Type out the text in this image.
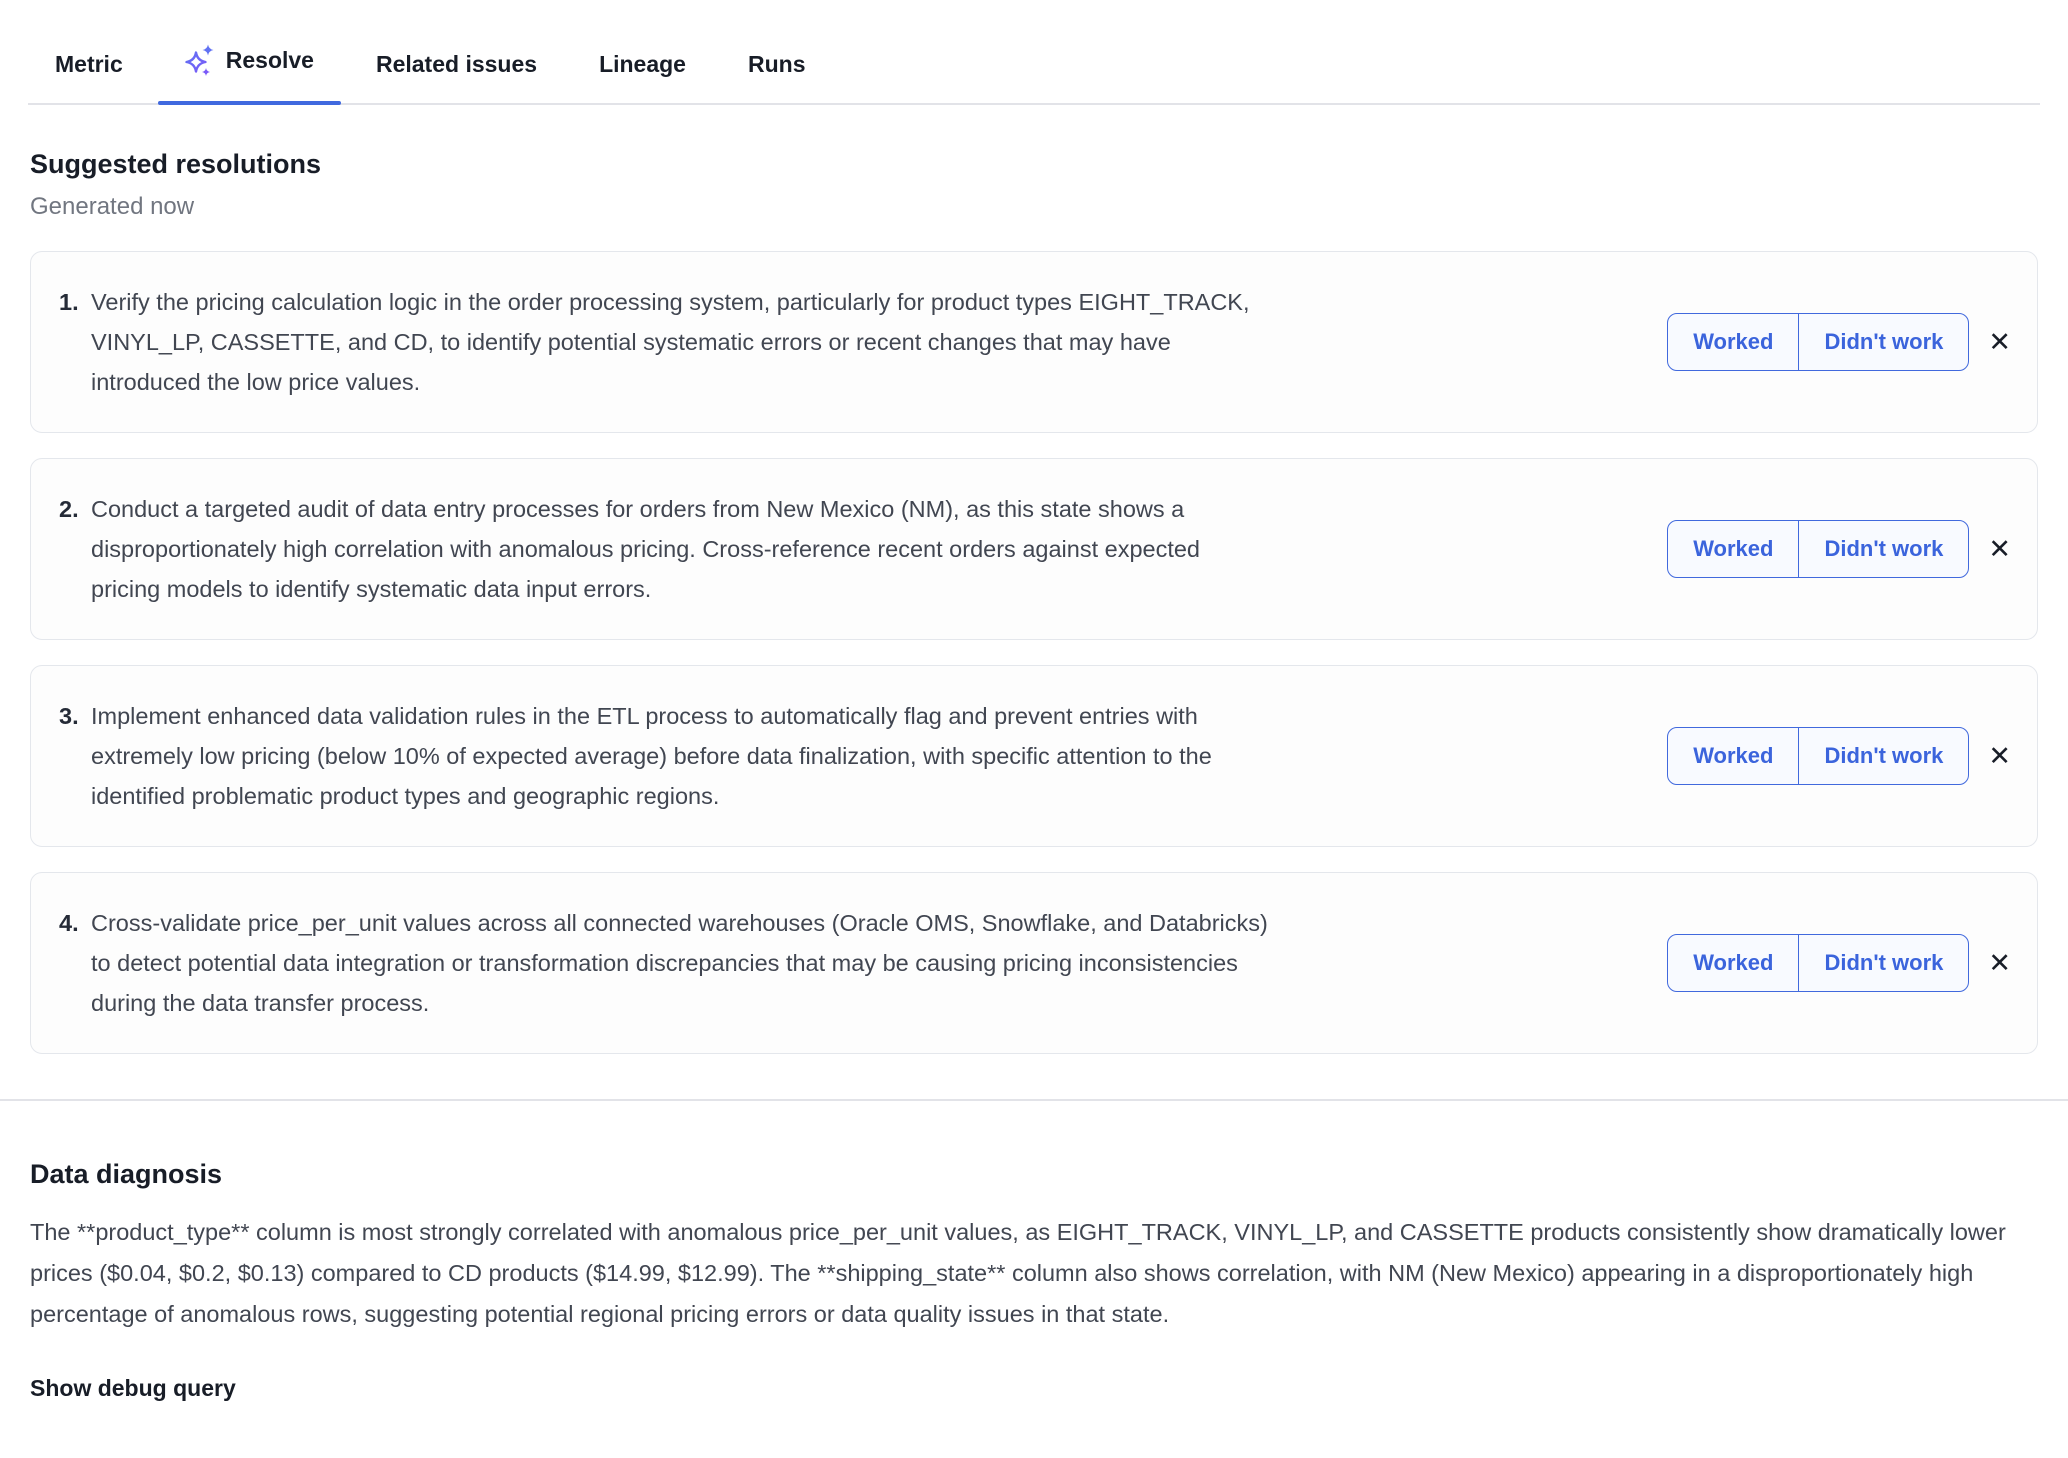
Metric	Resolve	Related issues	Lineage	Runs
Suggested resolutions
Generated now
1. Verify the pricing calculation logic in the order processing system, particularly for product types EIGHT_TRACK, VINYL_LP, CASSETTE, and CD, to identify potential systematic errors or recent changes that may have introduced the low price values.
Worked	Didn't work	✕
2. Conduct a targeted audit of data entry processes for orders from New Mexico (NM), as this state shows a disproportionately high correlation with anomalous pricing. Cross-reference recent orders against expected pricing models to identify systematic data input errors.
Worked	Didn't work	✕
3. Implement enhanced data validation rules in the ETL process to automatically flag and prevent entries with extremely low pricing (below 10% of expected average) before data finalization, with specific attention to the identified problematic product types and geographic regions.
Worked	Didn't work	✕
4. Cross-validate price_per_unit values across all connected warehouses (Oracle OMS, Snowflake, and Databricks) to detect potential data integration or transformation discrepancies that may be causing pricing inconsistencies during the data transfer process.
Worked	Didn't work	✕
Data diagnosis

The **product_type** column is most strongly correlated with anomalous price_per_unit values, as EIGHT_TRACK, VINYL_LP, and CASSETTE products consistently show dramatically lower prices ($0.04, $0.2, $0.13) compared to CD products ($14.99, $12.99). The **shipping_state** column also shows correlation, with NM (New Mexico) appearing in a disproportionately high percentage of anomalous rows, suggesting potential regional pricing errors or data quality issues in that state.

Show debug query
